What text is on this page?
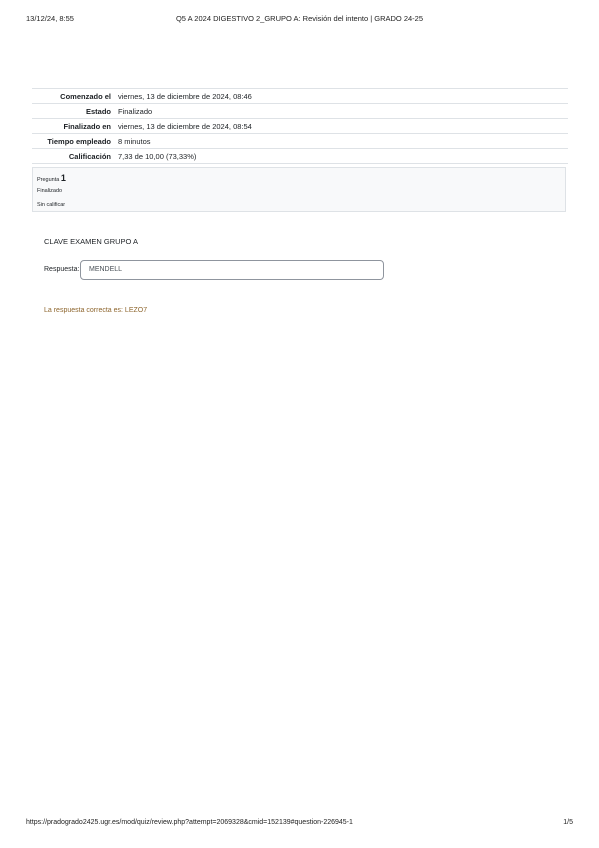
13/12/24, 8:55	Q5 A 2024 DIGESTIVO 2_GRUPO A: Revisión del intento | GRADO 24-25
Comenzado el	viernes, 13 de diciembre de 2024, 08:46
Estado	Finalizado
Finalizado en	viernes, 13 de diciembre de 2024, 08:54
Tiempo empleado	8 minutos
Calificación	7,33 de 10,00 (73,33%)
Pregunta 1
Finalizado
Sin calificar
CLAVE EXAMEN GRUPO A
Respuesta:	MENDELL
La respuesta correcta es: LEZO7
https://pradogrado2425.ugr.es/mod/quiz/review.php?attempt=2069328&cmid=152139#question-226945-1	1/5
